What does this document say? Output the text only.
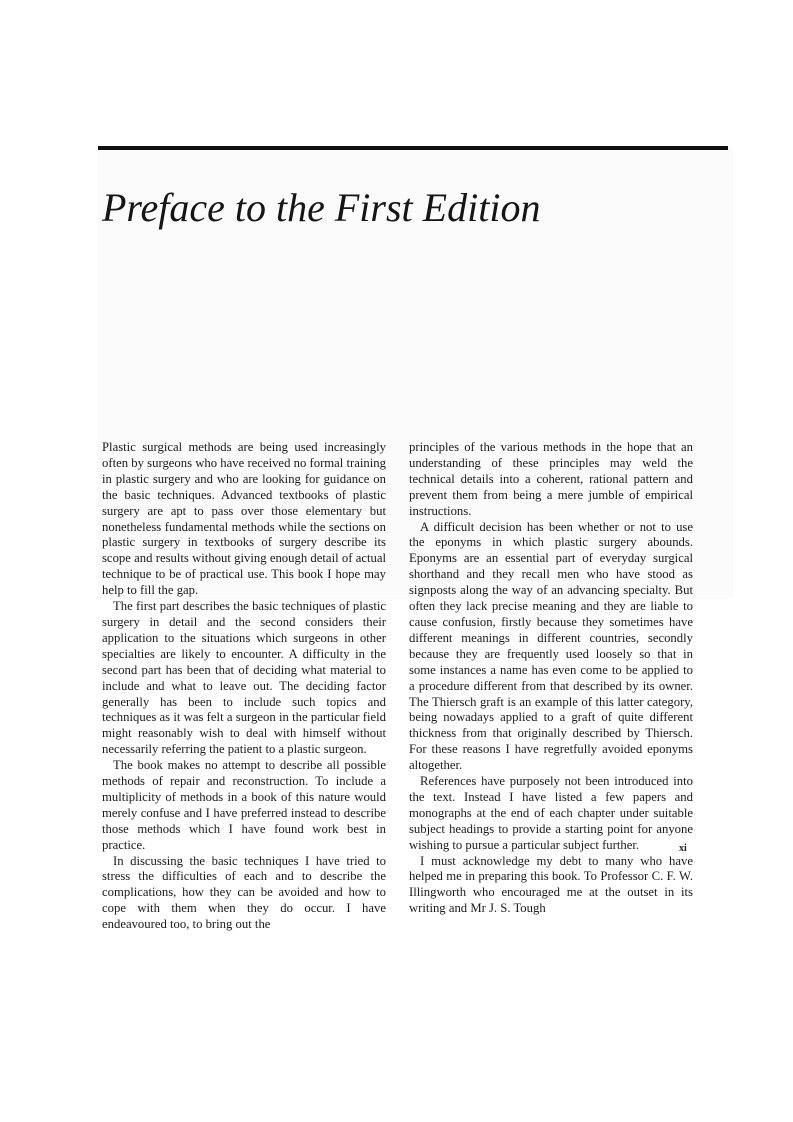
Preface to the First Edition

Plastic surgical methods are being used increasingly often by surgeons who have received no formal training in plastic surgery and who are looking for guidance on the basic techniques. Advanced textbooks of plastic surgery are apt to pass over those elementary but nonetheless fundamental methods while the sections on plastic surgery in textbooks of surgery describe its scope and results without giving enough detail of actual technique to be of practical use. This book I hope may help to fill the gap.

The first part describes the basic techniques of plastic surgery in detail and the second considers their application to the situations which surgeons in other specialties are likely to encounter. A difficulty in the second part has been that of deciding what material to include and what to leave out. The deciding factor generally has been to include such topics and techniques as it was felt a surgeon in the particular field might reasonably wish to deal with himself without necessarily referring the patient to a plastic surgeon.

The book makes no attempt to describe all possible methods of repair and reconstruction. To include a multiplicity of methods in a book of this nature would merely confuse and I have preferred instead to describe those methods which I have found work best in practice.

In discussing the basic techniques I have tried to stress the difficulties of each and to describe the complications, how they can be avoided and how to cope with them when they do occur. I have endeavoured too, to bring out the

principles of the various methods in the hope that an understanding of these principles may weld the technical details into a coherent, rational pattern and prevent them from being a mere jumble of empirical instructions.

A difficult decision has been whether or not to use the eponyms in which plastic surgery abounds. Eponyms are an essential part of everyday surgical shorthand and they recall men who have stood as signposts along the way of an advancing specialty. But often they lack precise meaning and they are liable to cause confusion, firstly because they sometimes have different meanings in different countries, secondly because they are frequently used loosely so that in some instances a name has even come to be applied to a procedure different from that described by its owner. The Thiersch graft is an example of this latter category, being nowadays applied to a graft of quite different thickness from that originally described by Thiersch. For these reasons I have regretfully avoided eponyms altogether.

References have purposely not been introduced into the text. Instead I have listed a few papers and monographs at the end of each chapter under suitable subject headings to provide a starting point for anyone wishing to pursue a particular subject further.

I must acknowledge my debt to many who have helped me in preparing this book. To Professor C. F. W. Illingworth who encouraged me at the outset in its writing and Mr J. S. Tough

xi
